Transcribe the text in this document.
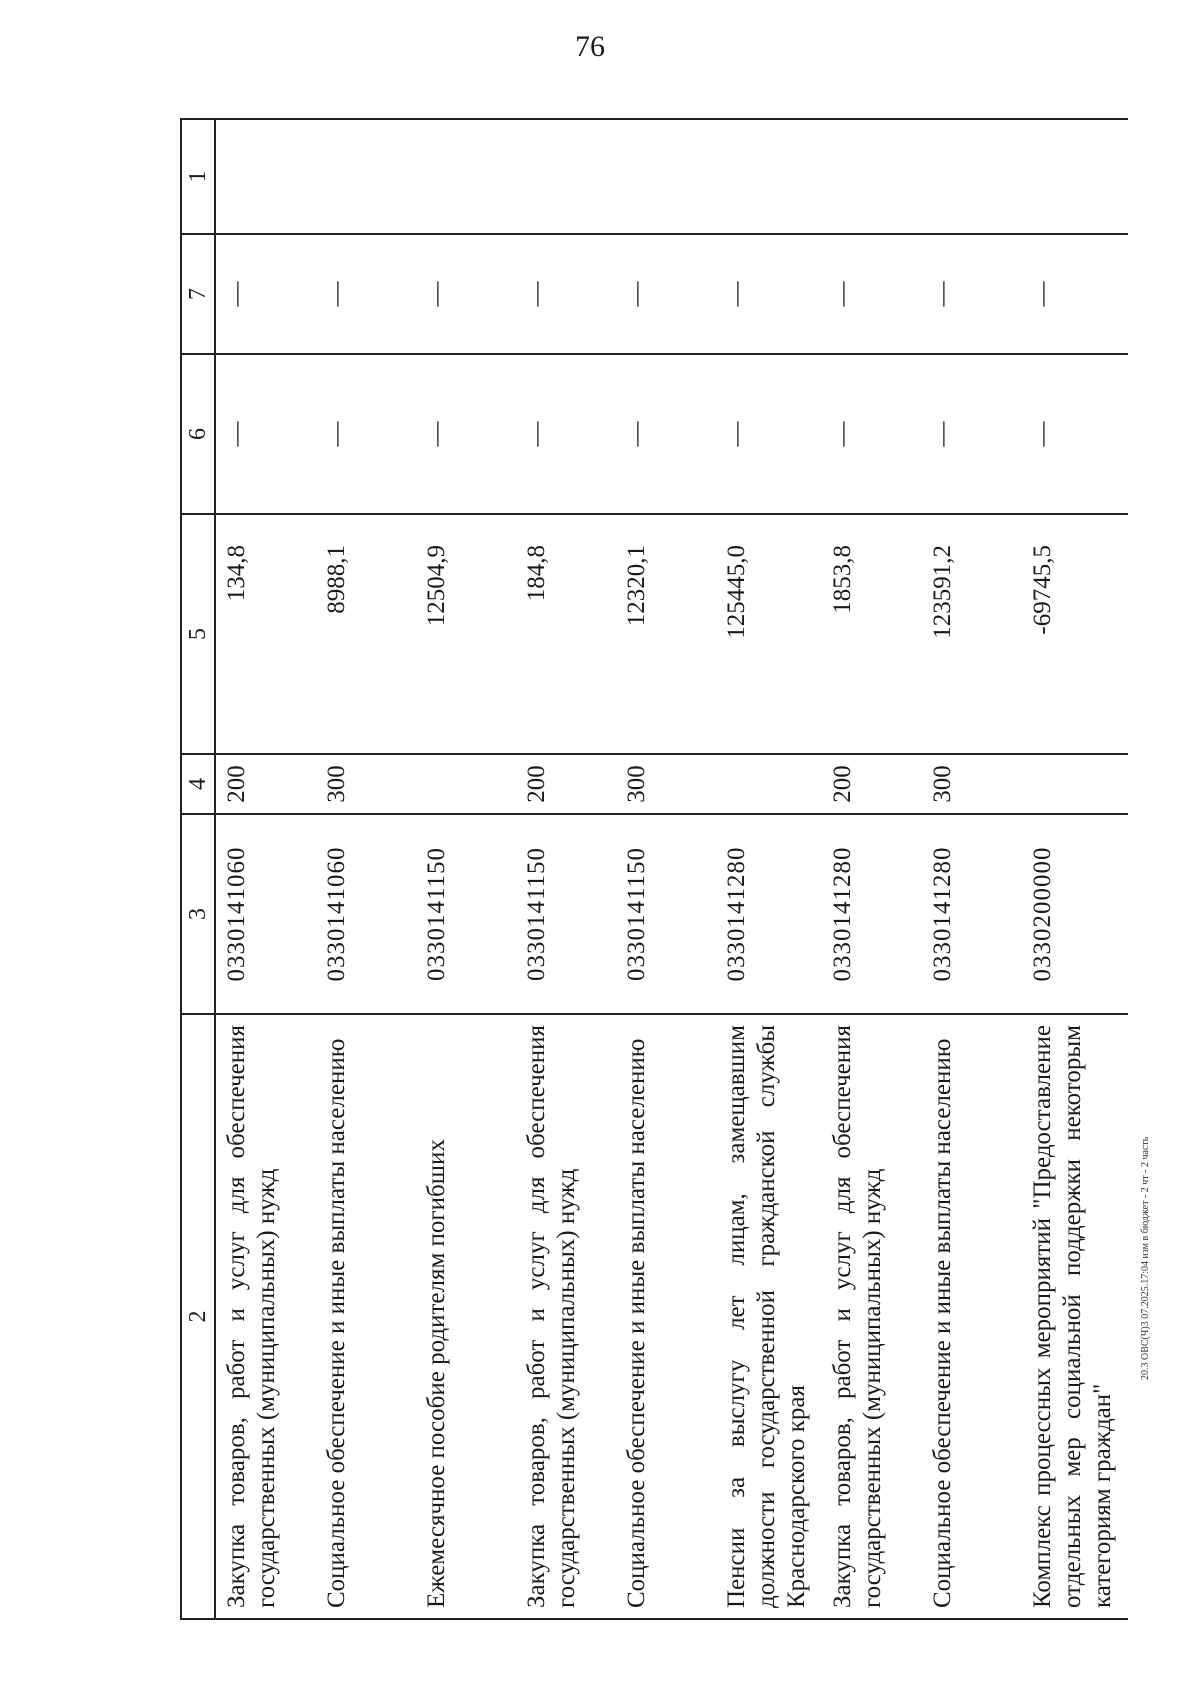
76
2	3	4	5	6	7	1
Закупка товаров, работ и услуг для обеспечения государственных (муниципальных) нужд	0330141060	200	134,8	—	—	
Социальное обеспечение и иные выплаты населению	0330141060	300	8988,1	—	—	
Ежемесячное пособие родителям погибших	0330141150		12504,9	—	—	
Закупка товаров, работ и услуг для обеспечения государственных (муниципальных) нужд	0330141150	200	184,8	—	—	
Социальное обеспечение и иные выплаты населению	0330141150	300	12320,1	—	—	
Пенсии за выслугу лет лицам, замещавшим должности государственной гражданской службы Краснодарского края	0330141280		125445,0	—	—	
Закупка товаров, работ и услуг для обеспечения государственных (муниципальных) нужд	0330141280	200	1853,8	—	—	
Социальное обеспечение и иные выплаты населению	0330141280	300	123591,2	—	—	
Комплекс процессных мероприятий "Предоставление отдельных мер социальной поддержки некоторым категориям граждан"	0330200000		-69745,5	—	—	
20.3 ОВС(Ч)3 07.2025.17:04 изм в бюджет - 2 чт - 2 часть
